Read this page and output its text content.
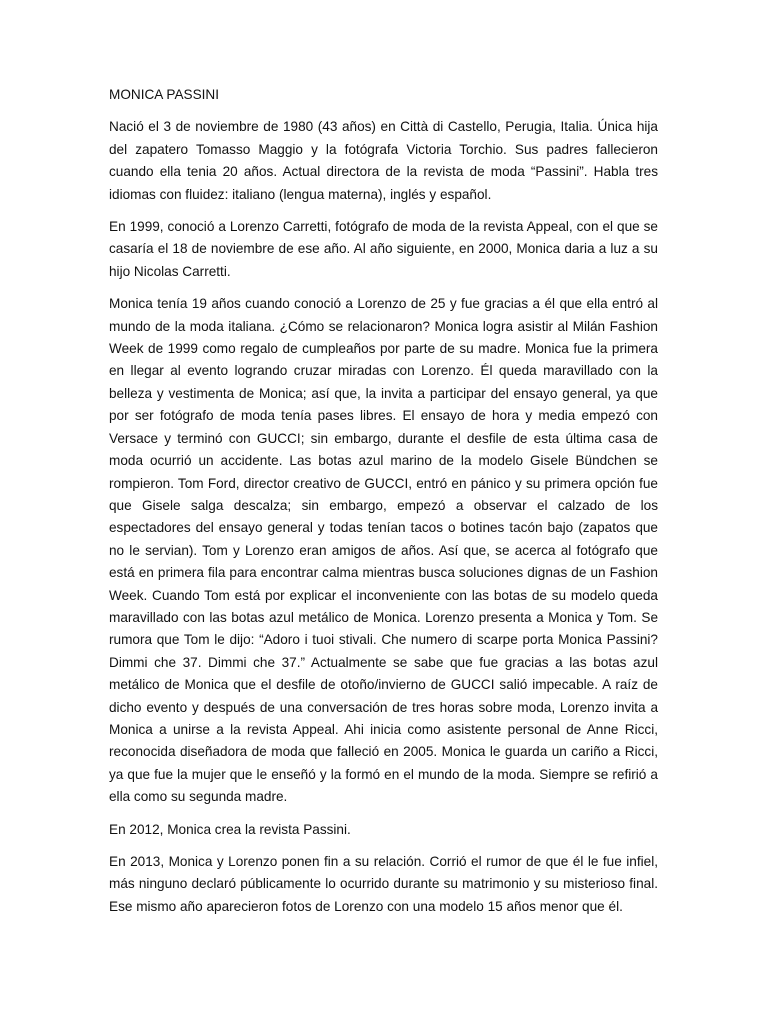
MONICA PASSINI

Nació el 3 de noviembre de 1980 (43 años) en Città di Castello, Perugia, Italia. Única hija del zapatero Tomasso Maggio y la fotógrafa Victoria Torchio. Sus padres fallecieron cuando ella tenia 20 años. Actual directora de la revista de moda “Passini”. Habla tres idiomas con fluidez: italiano (lengua materna), inglés y español.

En 1999, conoció a Lorenzo Carretti, fotógrafo de moda de la revista Appeal, con el que se casaría el 18 de noviembre de ese año. Al año siguiente, en 2000, Monica daria a luz a su hijo Nicolas Carretti.

Monica tenía 19 años cuando conoció a Lorenzo de 25 y fue gracias a él que ella entró al mundo de la moda italiana. ¿Cómo se relacionaron? Monica logra asistir al Milán Fashion Week de 1999 como regalo de cumpleaños por parte de su madre. Monica fue la primera en llegar al evento logrando cruzar miradas con Lorenzo. Él queda maravillado con la belleza y vestimenta de Monica; así que, la invita a participar del ensayo general, ya que por ser fotógrafo de moda tenía pases libres. El ensayo de hora y media empezó con Versace y terminó con GUCCI; sin embargo, durante el desfile de esta última casa de moda ocurrió un accidente. Las botas azul marino de la modelo Gisele Bündchen se rompieron. Tom Ford, director creativo de GUCCI, entró en pánico y su primera opción fue que Gisele salga descalza; sin embargo, empezó a observar el calzado de los espectadores del ensayo general y todas tenían tacos o botines tacón bajo (zapatos que no le servian). Tom y Lorenzo eran amigos de años. Así que, se acerca al fotógrafo que está en primera fila para encontrar calma mientras busca soluciones dignas de un Fashion Week. Cuando Tom está por explicar el inconveniente con las botas de su modelo queda maravillado con las botas azul metálico de Monica. Lorenzo presenta a Monica y Tom. Se rumora que Tom le dijo: “Adoro i tuoi stivali. Che numero di scarpe porta Monica Passini? Dimmi che 37. Dimmi che 37.” Actualmente se sabe que fue gracias a las botas azul metálico de Monica que el desfile de otoño/invierno de GUCCI salió impecable. A raíz de dicho evento y después de una conversación de tres horas sobre moda, Lorenzo invita a Monica a unirse a la revista Appeal. Ahi inicia como asistente personal de Anne Ricci, reconocida diseñadora de moda que falleció en 2005. Monica le guarda un cariño a Ricci, ya que fue la mujer que le enseñó y la formó en el mundo de la moda. Siempre se refirió a ella como su segunda madre.

En 2012, Monica crea la revista Passini.

En 2013, Monica y Lorenzo ponen fin a su relación. Corrió el rumor de que él le fue infiel, más ninguno declaró públicamente lo ocurrido durante su matrimonio y su misterioso final. Ese mismo año aparecieron fotos de Lorenzo con una modelo 15 años menor que él.
